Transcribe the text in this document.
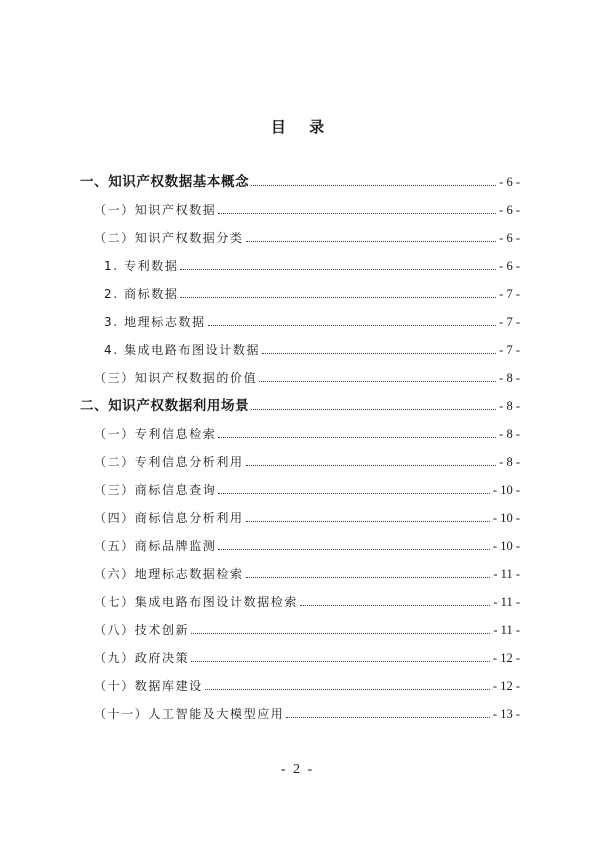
目 录
一、知识产权数据基本概念	- 6 -
（一）知识产权数据	- 6 -
（二）知识产权数据分类	- 6 -
1. 专利数据	- 6 -
2. 商标数据	- 7 -
3. 地理标志数据	- 7 -
4. 集成电路布图设计数据	- 7 -
（三）知识产权数据的价值	- 8 -
二、知识产权数据利用场景	- 8 -
（一）专利信息检索	- 8 -
（二）专利信息分析利用	- 8 -
（三）商标信息查询	- 10 -
（四）商标信息分析利用	- 10 -
（五）商标品牌监测	- 10 -
（六）地理标志数据检索	- 11 -
（七）集成电路布图设计数据检索	- 11 -
（八）技术创新	- 11 -
（九）政府决策	- 12 -
（十）数据库建设	- 12 -
（十一）人工智能及大模型应用	- 13 -
- 2 -
